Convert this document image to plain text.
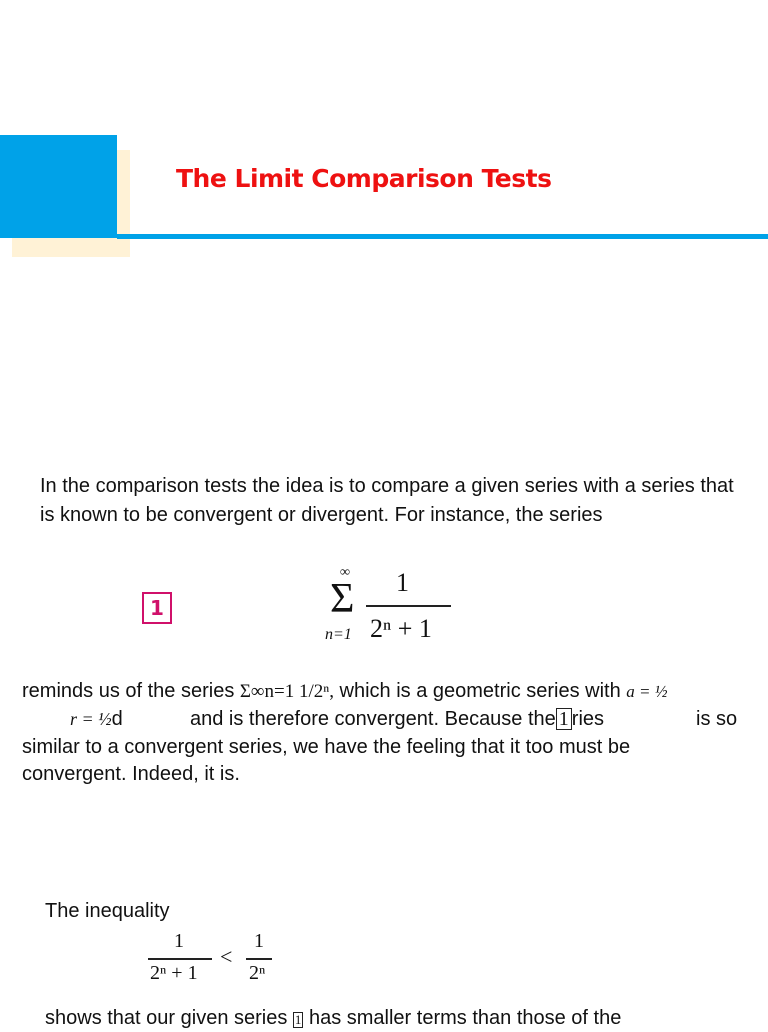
The Limit Comparison Tests
In the comparison tests the idea is to compare a given series with a series that is known to be convergent or divergent. For instance, the series
1
∞
Σ
n=1
1
2ⁿ + 1
reminds us of the series Σ∞n=1 1/2ⁿ, which is a geometric series with a = ½
r = ½d	and is therefore convergent. Because the 1 ries	is so
similar to a convergent series, we have the feeling that it too must be
convergent. Indeed, it is.
The inequality
1
2ⁿ + 1
<
1
2ⁿ
shows that our given series 1 has smaller terms than those of the
